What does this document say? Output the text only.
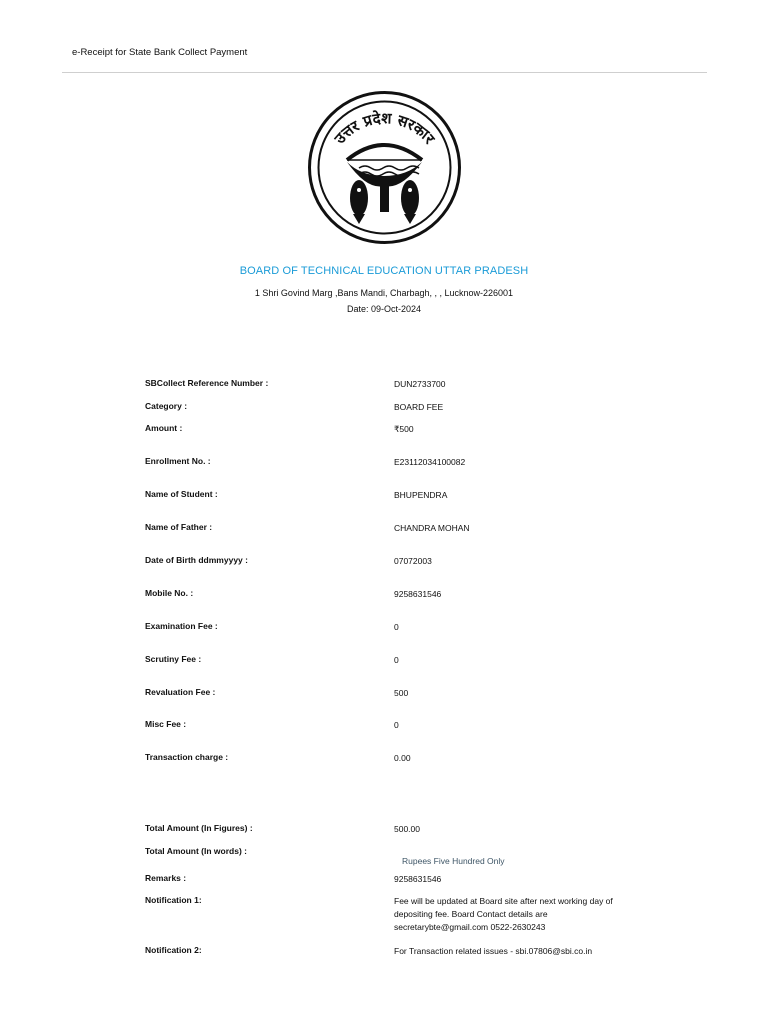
e-Receipt for State Bank Collect Payment
उत्तर प्रदेश सरकार
BOARD OF TECHNICAL EDUCATION UTTAR PRADESH
1 Shri Govind Marg ,Bans Mandi, Charbagh, , , Lucknow-226001
Date: 09-Oct-2024
SBCollect Reference Number :	DUN2733700
Category :	BOARD FEE
Amount :	₹500
Enrollment No. :	E23112034100082
Name of Student :	BHUPENDRA
Name of Father :	CHANDRA MOHAN
Date of Birth ddmmyyyy :	07072003
Mobile No. :	9258631546
Examination Fee :	0
Scrutiny Fee :	0
Revaluation Fee :	500
Misc Fee :	0
Transaction charge :	0.00
Total Amount (In Figures) :	500.00
Total Amount (In words) :
Rupees Five Hundred Only
Remarks :	9258631546
Notification 1:	Fee will be updated at Board site after next working day of depositing fee. Board Contact details are secretarybte@gmail.com 0522-2630243
Notification 2:	For Transaction related issues - sbi.07806@sbi.co.in
